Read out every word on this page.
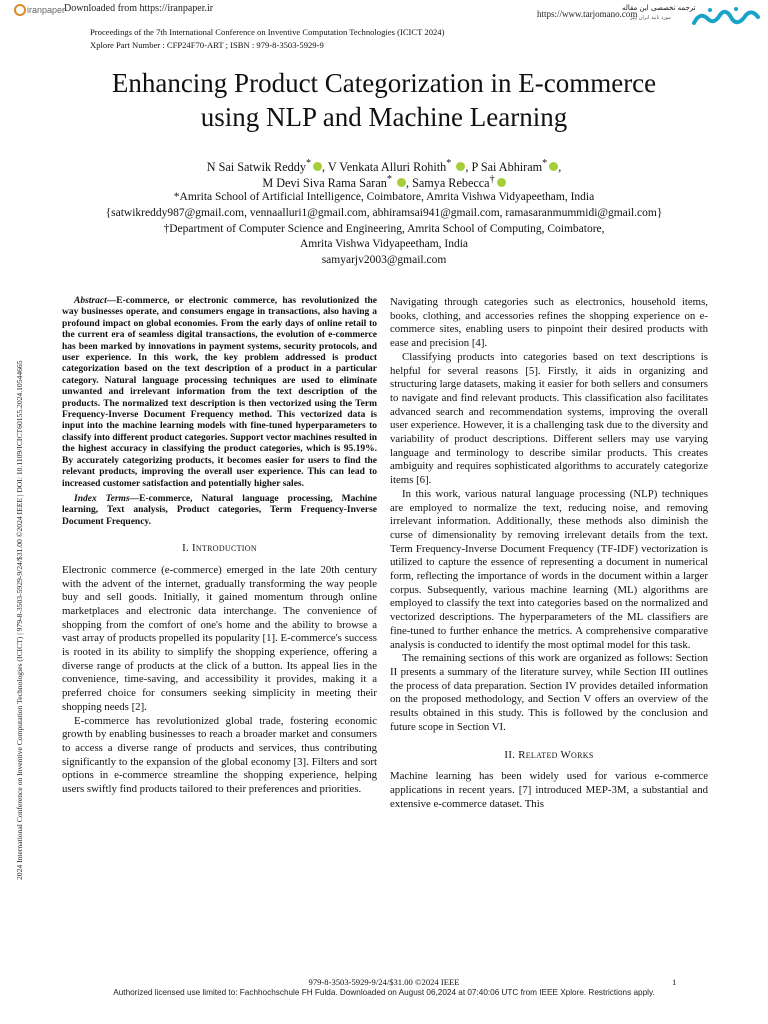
iranpaper
Downloaded from https://iranpaper.ir	https://www.tarjomano.com
ترجمه تخصصی این مقاله
مورد تایید ایران پیپر
Proceedings of the 7th International Conference on Inventive Computation Technologies (ICICT 2024)
Xplore Part Number : CFP24F70-ART ; ISBN : 979-8-3503-5929-9
Enhancing Product Categorization in E-commerce
using NLP and Machine Learning
N Sai Satwik Reddy* , V Venkata Alluri Rohith* , P Sai Abhiram* ,
M Devi Siva Rama Saran* , Samya Rebecca†
*Amrita School of Artificial Intelligence, Coimbatore, Amrita Vishwa Vidyapeetham, India
{satwikreddy987@gmail.com, vennaalluri1@gmail.com, abhiramsai941@gmail.com, ramasaranmummidi@gmail.com}
†Department of Computer Science and Engineering, Amrita School of Computing, Coimbatore,
Amrita Vishwa Vidyapeetham, India
samyarjv2003@gmail.com
2024 International Conference on Inventive Computation Technologies (ICICT) | 979-8-3503-5929-9/24/$31.00 ©2024 IEEE | DOI: 10.1109/ICICT60155.2024.10544665

Abstract—E-commerce, or electronic commerce, has revolutionized the way businesses operate, and consumers engage in transactions, also having a profound impact on global economies. From the early days of online retail to the current era of seamless digital transactions, the evolution of e-commerce has been marked by innovations in payment systems, security protocols, and user experience. In this work, the key problem addressed is product categorization based on the text description of a product in a particular category. Natural language processing techniques are used to eliminate unwanted and irrelevant information from the text description of the products. The normalized text description is then vectorized using the Term Frequency-Inverse Document Frequency method. This vectorized data is input into the machine learning models with fine-tuned hyperparameters to classify into different product categories. Support vector machines resulted in the highest accuracy in classifying the product categories, which is 95.19%. By accurately categorizing products, it becomes easier for users to find the relevant products, improving the overall user experience. This can lead to increased customer satisfaction and potentially higher sales.

Index Terms—E-commerce, Natural language processing, Machine learning, Text analysis, Product categories, Term Frequency-Inverse Document Frequency.

I. Introduction

Electronic commerce (e-commerce) emerged in the late 20th century with the advent of the internet, gradually transforming the way people buy and sell goods. Initially, it gained momentum through online marketplaces and electronic data interchange. The convenience of shopping from the comfort of one's home and the ability to browse a vast array of products propelled its popularity [1]. E-commerce's success is rooted in its ability to simplify the shopping experience, offering a diverse range of products at the click of a button. Its appeal lies in the convenience, time-saving, and accessibility it provides, making it a preferred choice for consumers seeking simplicity in meeting their shopping needs [2].

E-commerce has revolutionized global trade, fostering economic growth by enabling businesses to reach a broader market and consumers to access a diverse range of products and services, thus contributing significantly to the expansion of the global economy [3]. Filters and sort options in e-commerce streamline the shopping experience, helping users swiftly find products tailored to their preferences and priorities.

Navigating through categories such as electronics, household items, books, clothing, and accessories refines the shopping experience on e-commerce sites, enabling users to pinpoint their desired products with ease and precision [4].

Classifying products into categories based on text descriptions is helpful for several reasons [5]. Firstly, it aids in organizing and structuring large datasets, making it easier for both sellers and consumers to navigate and find relevant products. This classification also facilitates advanced search and recommendation systems, improving the overall user experience. However, it is a challenging task due to the diversity and variability of product descriptions. Different sellers may use varying language and terminology to describe similar products. This creates ambiguity and requires sophisticated algorithms to accurately categorize items [6].

In this work, various natural language processing (NLP) techniques are employed to normalize the text, reducing noise, and removing irrelevant information. Additionally, these methods also diminish the curse of dimensionality by removing irrelevant details from the text. Term Frequency-Inverse Document Frequency (TF-IDF) vectorization is utilized to capture the essence of representing a document in numerical form, reflecting the importance of words in the document within a larger corpus. Subsequently, various machine learning (ML) algorithms are employed to classify the text into categories based on the normalized and vectorized descriptions. The hyperparameters of the ML classifiers are fine-tuned to further enhance the metrics. A comprehensive comparative analysis is conducted to identify the most optimal model for this task.

The remaining sections of this work are organized as follows: Section II presents a summary of the literature survey, while Section III outlines the process of data preparation. Section IV provides detailed information on the proposed methodology, and Section V offers an overview of the results obtained in this study. This is followed by the conclusion and future scope in Section VI.

II. Related Works

Machine learning has been widely used for various e-commerce applications in recent years. [7] introduced MEP-3M, a substantial and extensive e-commerce dataset. This

979-8-3503-5929-9/24/$31.00 ©2024 IEEE	1
Authorized licensed use limited to: Fachhochschule FH Fulda. Downloaded on August 06,2024 at 07:40:06 UTC from IEEE Xplore. Restrictions apply.
